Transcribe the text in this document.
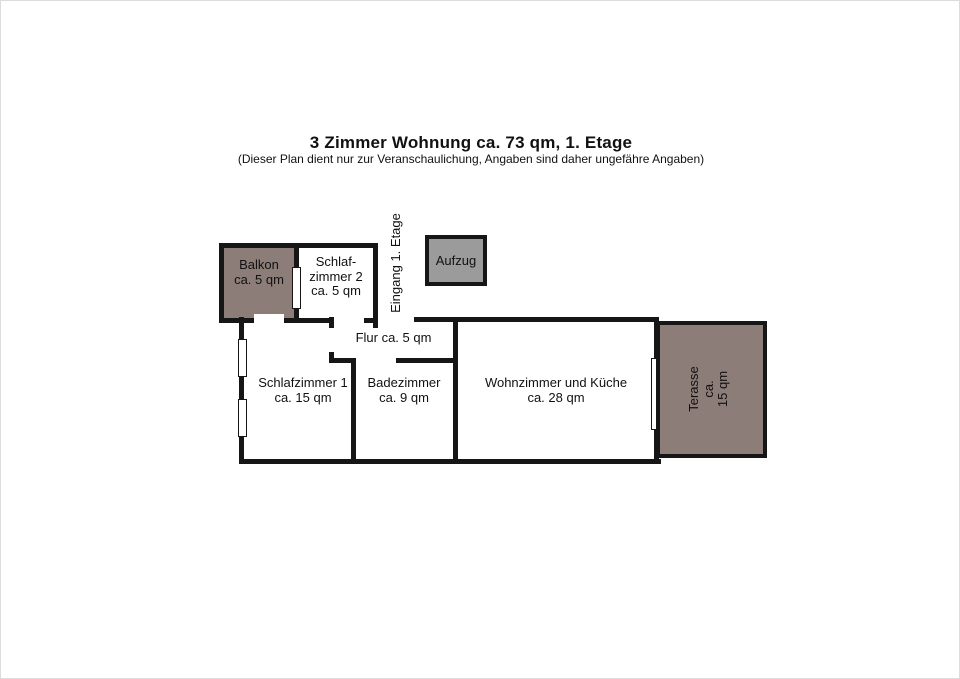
3 Zimmer Wohnung ca. 73 qm, 1. Etage
(Dieser Plan dient nur zur Veranschaulichung, Angaben sind daher ungefähre Angaben)
Aufzug
Balkon
ca. 5 qm
Schlaf-
zimmer 2
ca. 5 qm	Eingang 1. Etage
Flur ca. 5 qm
Schlafzimmer 1
ca. 15 qm
Badezimmer
ca. 9 qm
Wohnzimmer und Küche
ca. 28 qm	Terasse ca. 15 qm
